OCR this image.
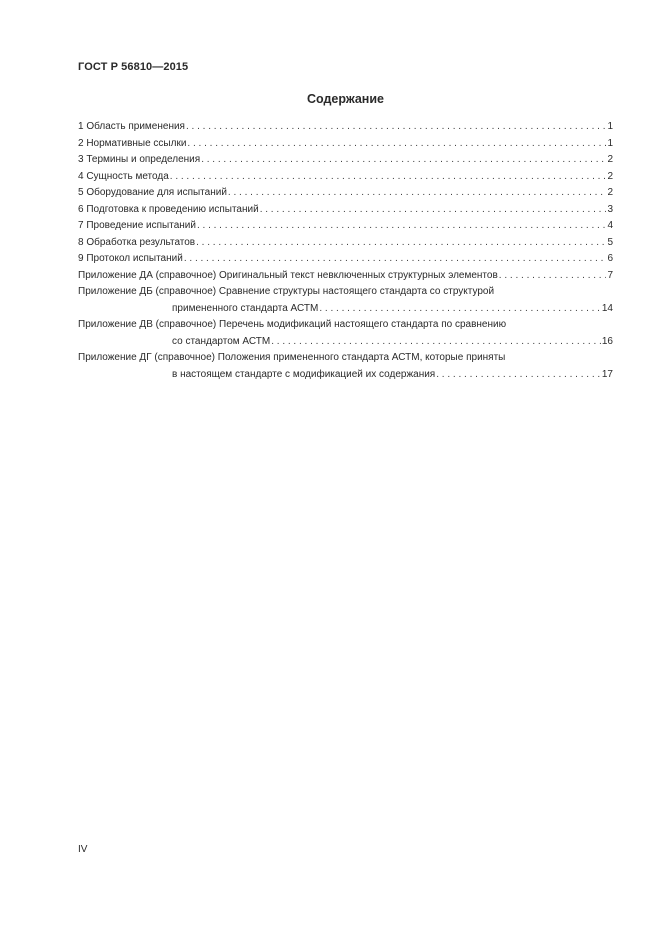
ГОСТ Р 56810—2015
Содержание
1 Область применения . . .	1
2 Нормативные ссылки . . .	1
3 Термины и определения . . .	2
4 Сущность метода . . .	2
5 Оборудование для испытаний . . .	2
6 Подготовка к проведению испытаний . . .	3
7 Проведение испытаний . . .	4
8 Обработка результатов . . .	5
9 Протокол испытаний . . .	6
Приложение ДА (справочное) Оригинальный текст невключенных структурных элементов . . .	7
Приложение ДБ (справочное) Сравнение структуры настоящего стандарта со структурой
примененного стандарта АСТМ . . .	14
Приложение ДВ (справочное) Перечень модификаций настоящего стандарта по сравнению
со стандартом АСТМ . . .	16
Приложение ДГ (справочное) Положения примененного стандарта АСТМ, которые приняты
в настоящем стандарте с модификацией их содержания . . .	17
IV
